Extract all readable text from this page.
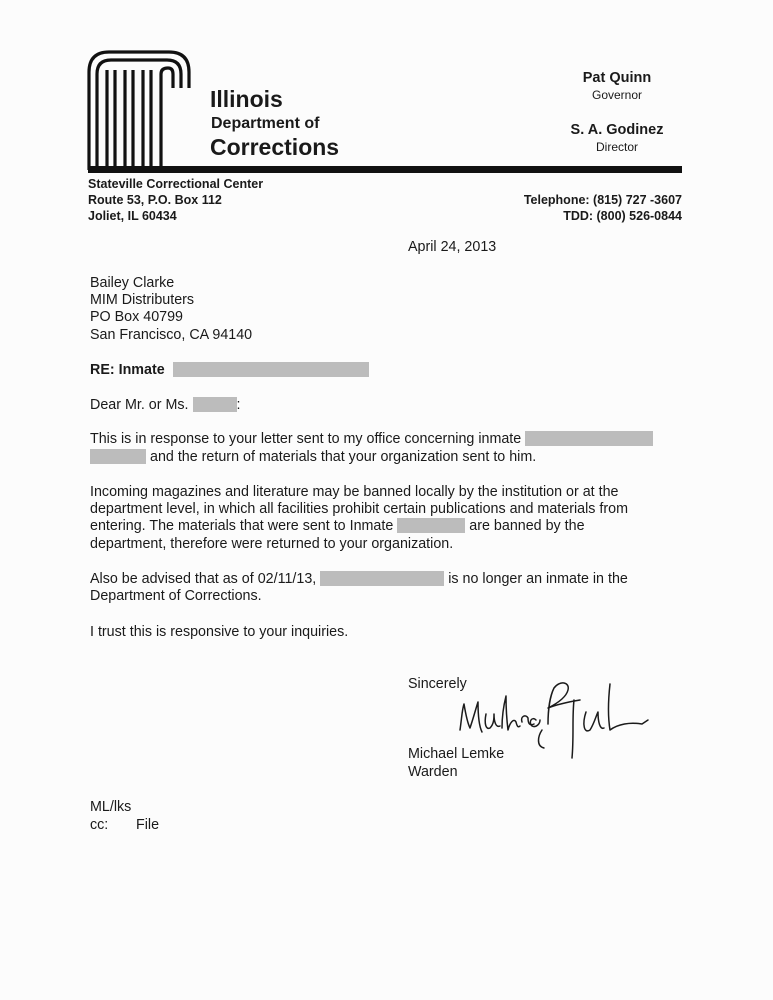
Illinois
Department of
Corrections
Pat Quinn
Governor
S. A. Godinez
Director
Stateville Correctional Center
Route 53, P.O. Box 112
Joliet, IL 60434
Telephone: (815) 727 -3607
TDD: (800) 526-0844
April 24, 2013
Bailey Clarke
MIM Distributers
PO Box 40799
San Francisco, CA 94140
RE: Inmate
Dear Mr. or Ms.	:
This is in response to your letter sent to my office concerning inmate
and the return of materials that your organization sent to him.
Incoming magazines and literature may be banned locally by the institution or at the
department level, in which all facilities prohibit certain publications and materials from
entering. The materials that were sent to Inmate	are banned by the
department, therefore were returned to your organization.
Also be advised that as of 02/11/13,	is no longer an inmate in the
Department of Corrections.
I trust this is responsive to your inquiries.
Sincerely
Michael Lemke
Warden
ML/lks
cc: File
